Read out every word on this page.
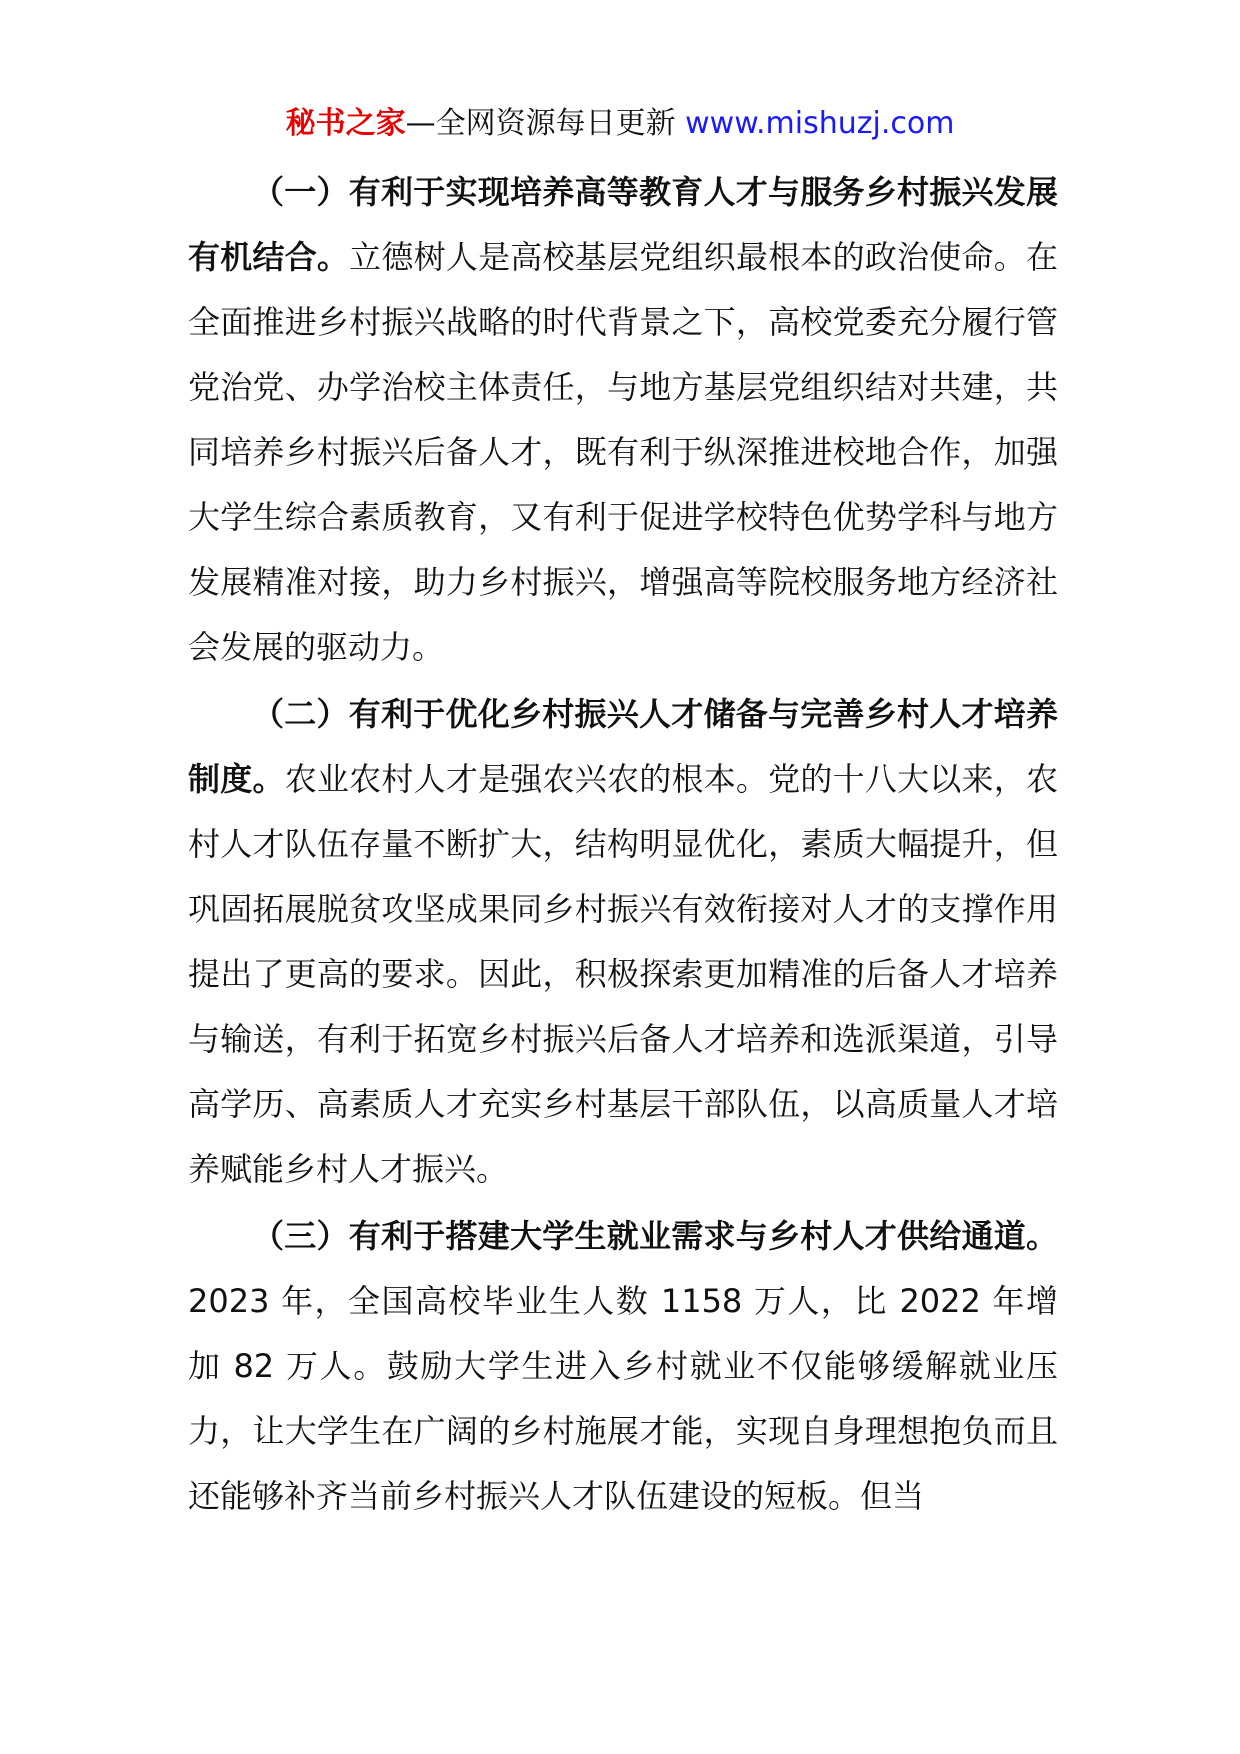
秘书之家—全网资源每日更新 www.mishuzj.com

（一）有利于实现培养高等教育人才与服务乡村振兴发展有机结合。立德树人是高校基层党组织最根本的政治使命。在全面推进乡村振兴战略的时代背景之下，高校党委充分履行管党治党、办学治校主体责任，与地方基层党组织结对共建，共同培养乡村振兴后备人才，既有利于纵深推进校地合作，加强大学生综合素质教育，又有利于促进学校特色优势学科与地方发展精准对接，助力乡村振兴，增强高等院校服务地方经济社会发展的驱动力。

（二）有利于优化乡村振兴人才储备与完善乡村人才培养制度。农业农村人才是强农兴农的根本。党的十八大以来，农村人才队伍存量不断扩大，结构明显优化，素质大幅提升，但巩固拓展脱贫攻坚成果同乡村振兴有效衔接对人才的支撑作用提出了更高的要求。因此，积极探索更加精准的后备人才培养与输送，有利于拓宽乡村振兴后备人才培养和选派渠道，引导高学历、高素质人才充实乡村基层干部队伍，以高质量人才培养赋能乡村人才振兴。

（三）有利于搭建大学生就业需求与乡村人才供给通道。2023 年，全国高校毕业生人数 1158 万人，比 2022 年增加 82 万人。鼓励大学生进入乡村就业不仅能够缓解就业压力，让大学生在广阔的乡村施展才能，实现自身理想抱负而且还能够补齐当前乡村振兴人才队伍建设的短板。但当
